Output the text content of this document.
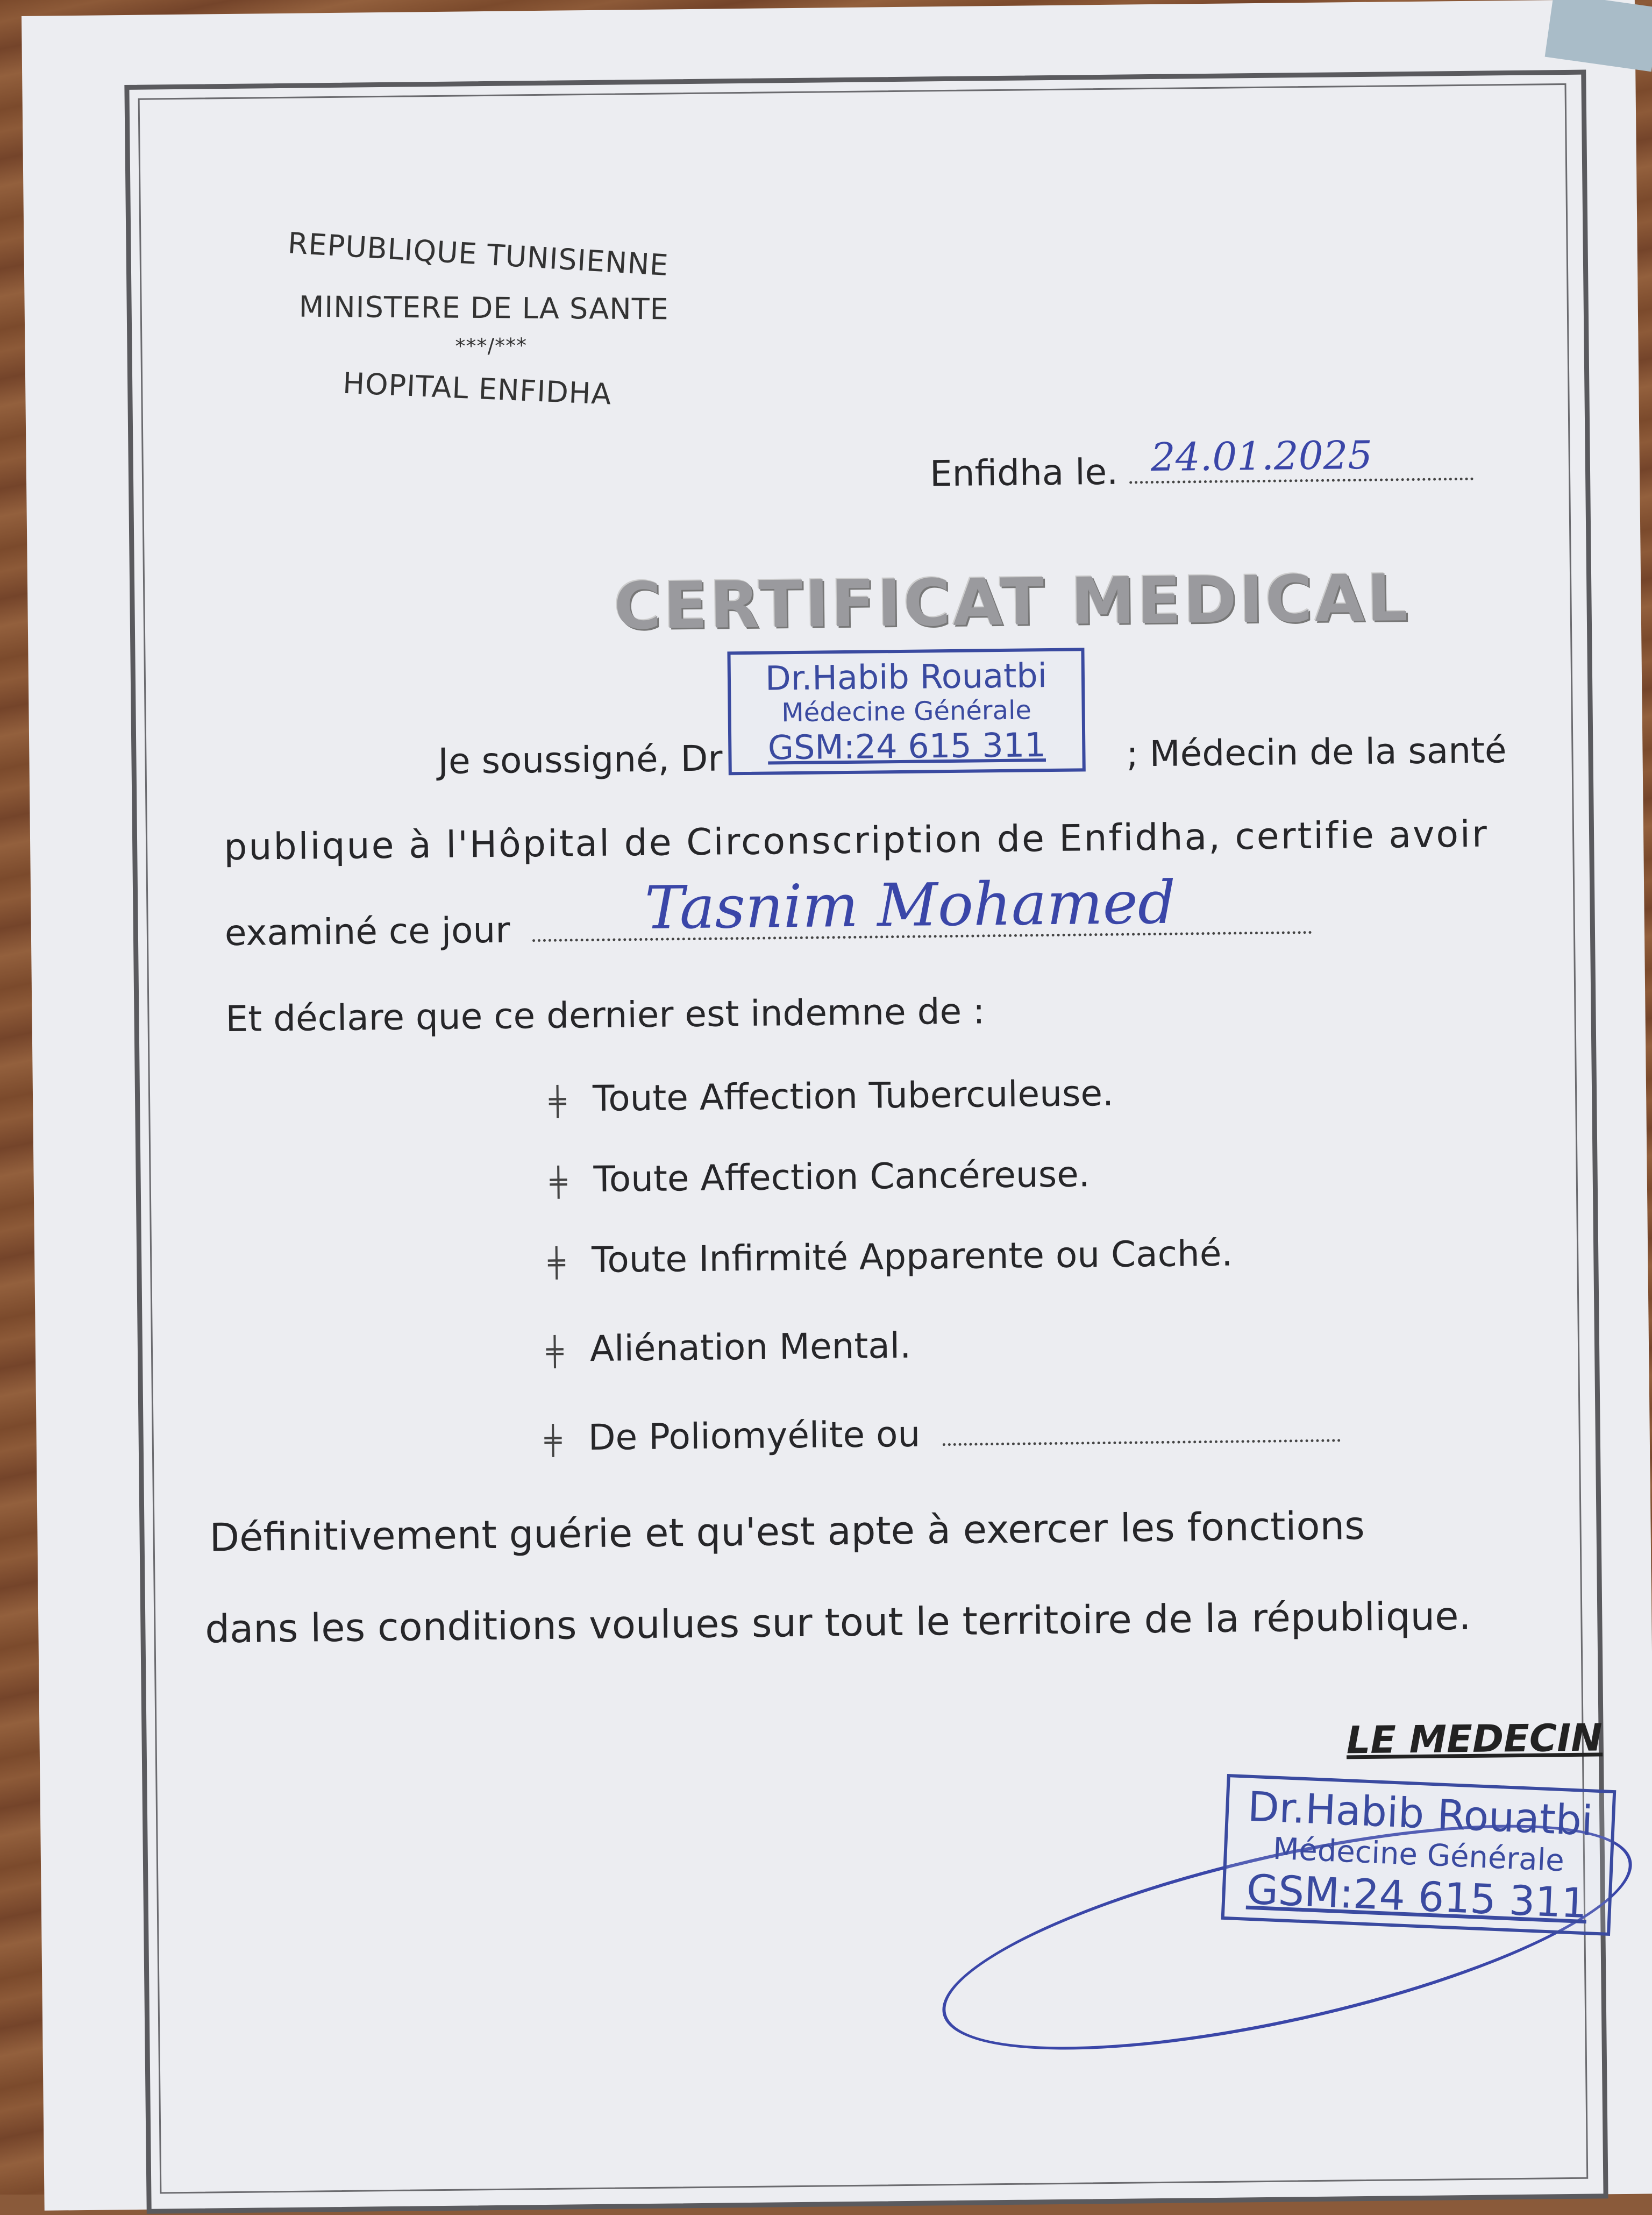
REPUBLIQUE TUNISIENNE
MINISTERE DE LA SANTE
***/***
HOPITAL ENFIDHA
Enfidha le. 24.01.2025
CERTIFICAT MEDICAL
Dr.Habib Rouatbi
Médecine Générale
GSM:24 615 311
Je soussigné, Dr	; Médecin de la santé
publique à l'Hôpital de Circonscription de Enfidha, certifie avoir
examiné ce jour Tasnim Mohamed
Et déclare que ce dernier est indemne de :
╪ Toute Affection Tuberculeuse.
╪ Toute Affection Cancéreuse.
╪ Toute Infirmité Apparente ou Caché.
╪ Aliénation Mental.
╪ De Poliomyélite ou
Définitivement guérie et qu'est apte à exercer les fonctions
dans les conditions voulues sur tout le territoire de la république.
LE MEDECIN
Dr.Habib Rouatbi
Médecine Générale
GSM:24 615 311
